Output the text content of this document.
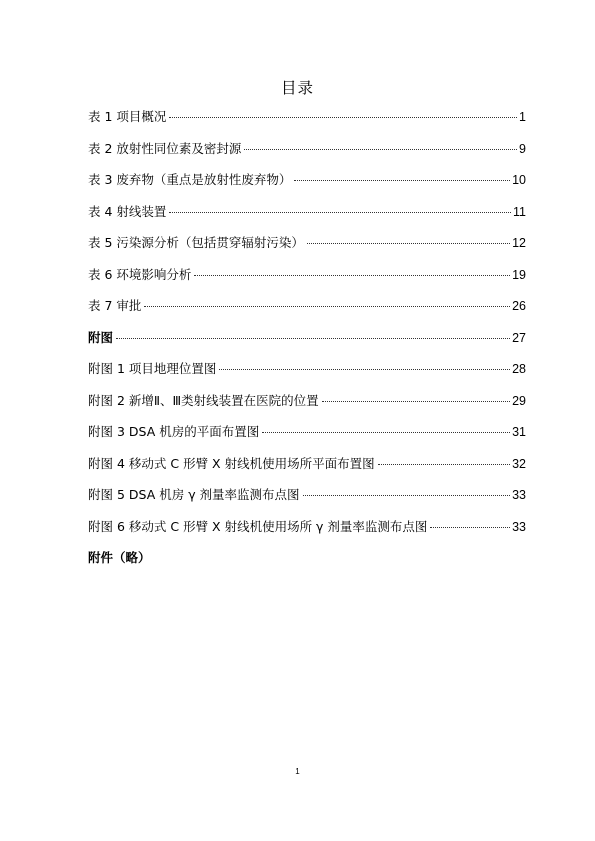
目录
表 1 项目概况	1
表 2 放射性同位素及密封源	9
表 3 废弃物（重点是放射性废弃物）	10
表 4 射线装置	11
表 5 污染源分析（包括贯穿辐射污染）	12
表 6 环境影响分析	19
表 7 审批	26
附图	27
附图 1 项目地理位置图	28
附图 2 新增Ⅱ、Ⅲ类射线装置在医院的位置	29
附图 3 DSA 机房的平面布置图	31
附图 4 移动式 C 形臂 X 射线机使用场所平面布置图	32
附图 5 DSA 机房 γ 剂量率监测布点图	33
附图 6 移动式 C 形臂 X 射线机使用场所 γ 剂量率监测布点图	33
附件（略）
1
